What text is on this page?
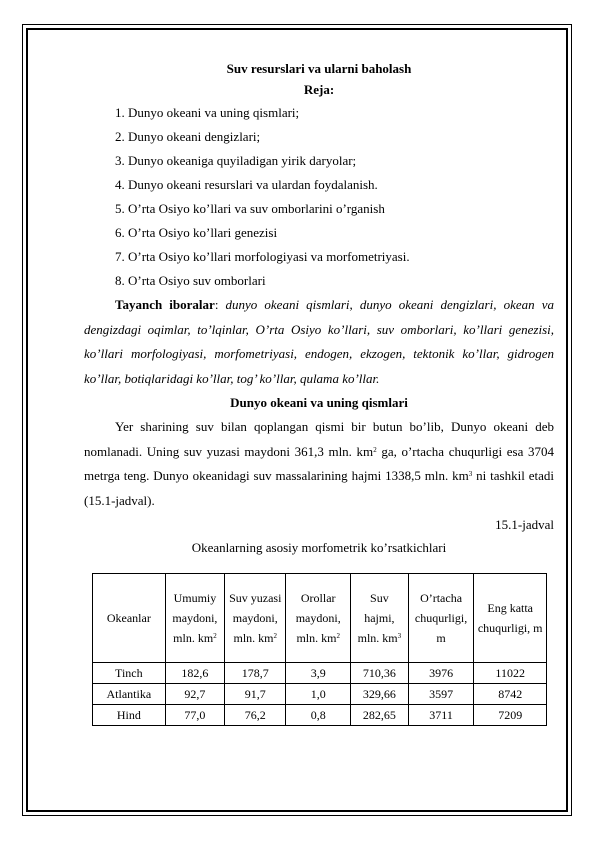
Suv resurslari va ularni baholash
Reja:
1. Dunyo okeani va uning qismlari;
2. Dunyo okeani dengizlari;
3. Dunyo okeaniga quyiladigan yirik daryolar;
4. Dunyo okeani resurslari va ulardan foydalanish.
5. O’rta Osiyo ko’llari va suv omborlarini o’rganish
6. O’rta Osiyo ko’llari genezisi
7. O’rta Osiyo ko’llari morfologiyasi va morfometriyasi.
8. O’rta Osiyo suv omborlari
Tayanch iboralar: dunyo okeani qismlari, dunyo okeani dengizlari, okean va dengizdagi oqimlar, to’lqinlar, O’rta Osiyo ko’llari, suv omborlari, ko’llari genezisi, ko’llari morfologiyasi, morfometriyasi, endogen, ekzogen, tektonik ko’llar, gidrogen ko’llar, botiqlaridagi ko’llar, tog’ ko’llar, qulama ko’llar.
Dunyo okeani va uning qismlari
Yer sharining suv bilan qoplangan qismi bir butun bo’lib, Dunyo okeani deb nomlanadi. Uning suv yuzasi maydoni 361,3 mln. $km^2$ ga, o’rtacha chuqurligi esa 3704 metrga teng. Dunyo okeanidagi suv massalarining hajmi 1338,5 mln. $km^3$ ni tashkil etadi (15.1-jadval).
15.1-jadval
Okeanlarning asosiy morfometrik ko’rsatkichlari
Okeanlar	Umumiy maydoni, mln. $km^2$	Suv yuzasi maydoni, mln. $km^2$	Orollar maydoni, mln. $km^2$	Suv hajmi, mln. $km^3$	O’rtacha chuqurligi, m	Eng katta chuqurligi, m
Tinch	182,6	178,7	3,9	710,36	3976	11022
Atlantika	92,7	91,7	1,0	329,66	3597	8742
Hind	77,0	76,2	0,8	282,65	3711	7209
